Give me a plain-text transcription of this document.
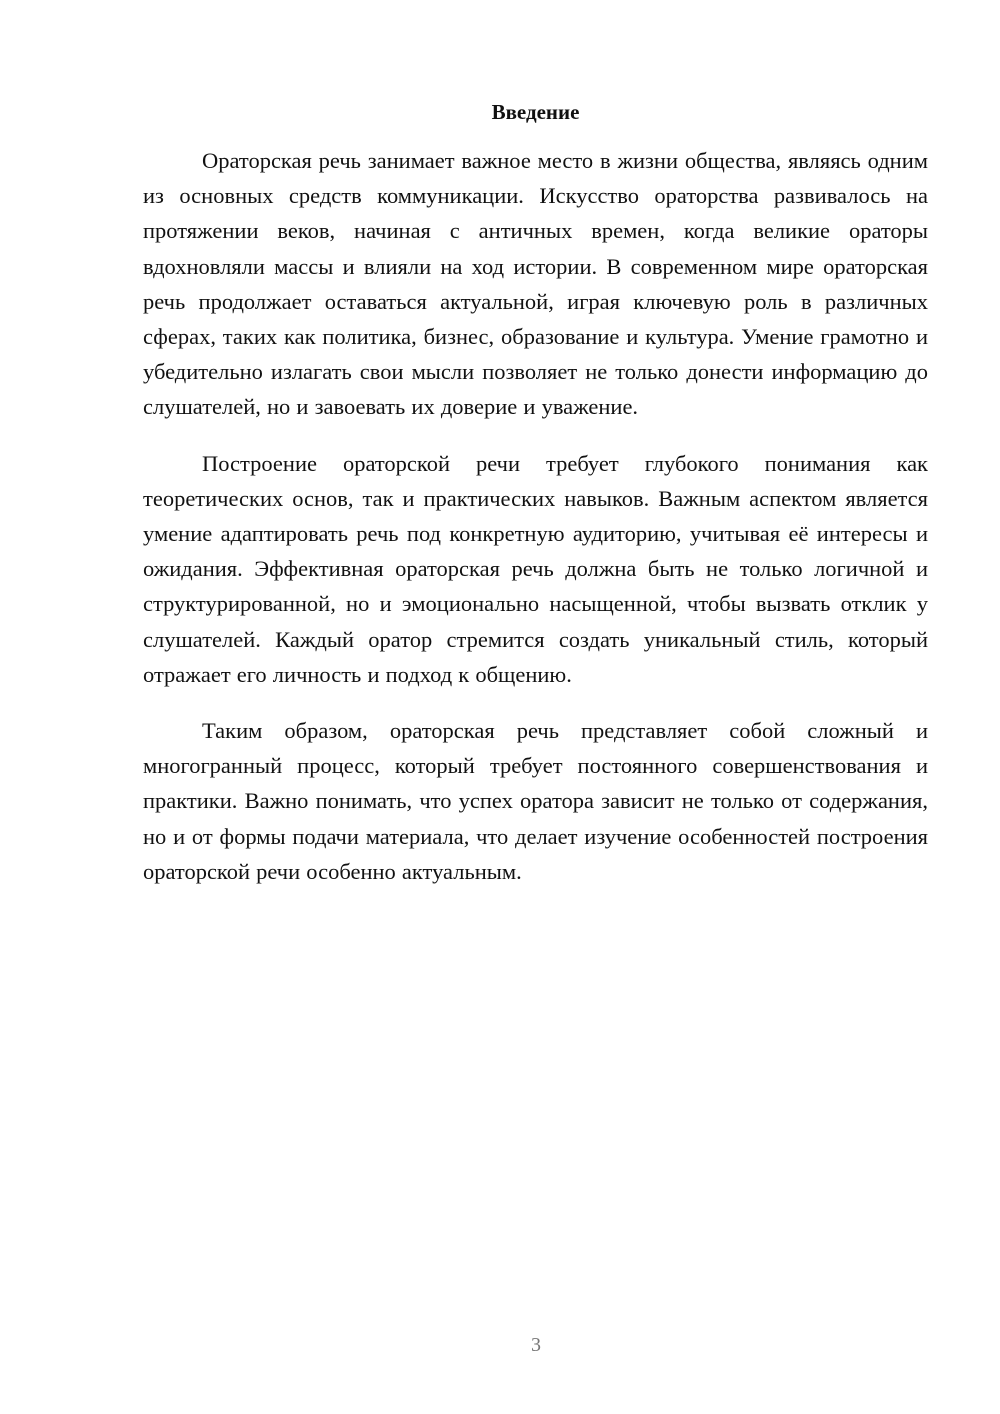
Введение

Ораторская речь занимает важное место в жизни общества, являясь одним из основных средств коммуникации. Искусство ораторства развивалось на протяжении веков, начиная с античных времен, когда великие ораторы вдохновляли массы и влияли на ход истории. В современном мире ораторская речь продолжает оставаться актуальной, играя ключевую роль в различных сферах, таких как политика, бизнес, образование и культура. Умение грамотно и убедительно излагать свои мысли позволяет не только донести информацию до слушателей, но и завоевать их доверие и уважение.

Построение ораторской речи требует глубокого понимания как теоретических основ, так и практических навыков. Важным аспектом является умение адаптировать речь под конкретную аудиторию, учитывая её интересы и ожидания. Эффективная ораторская речь должна быть не только логичной и структурированной, но и эмоционально насыщенной, чтобы вызвать отклик у слушателей. Каждый оратор стремится создать уникальный стиль, который отражает его личность и подход к общению.

Таким образом, ораторская речь представляет собой сложный и многогранный процесс, который требует постоянного совершенствования и практики. Важно понимать, что успех оратора зависит не только от содержания, но и от формы подачи материала, что делает изучение особенностей построения ораторской речи особенно актуальным.

3
